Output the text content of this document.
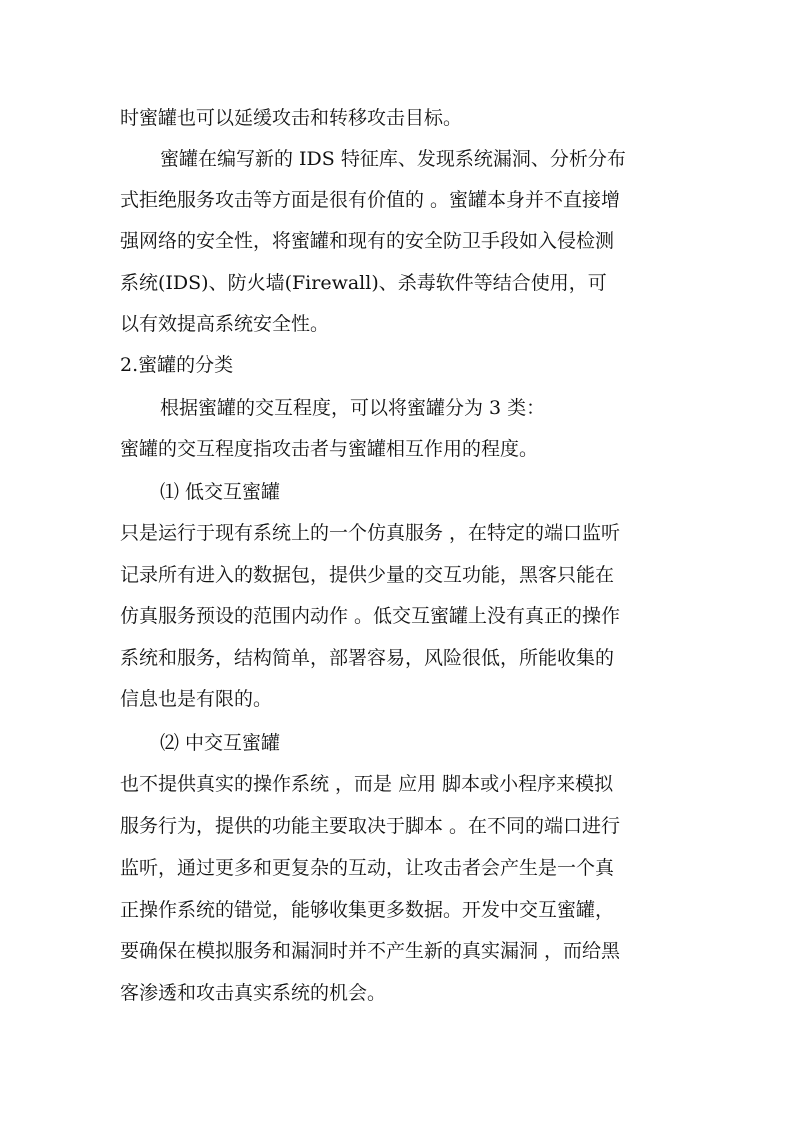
时蜜罐也可以延缓攻击和转移攻击目标。
蜜罐在编写新的 IDS 特征库、发现系统漏洞、分析分布
式拒绝服务攻击等方面是很有价值的 。蜜罐本身并不直接增
强网络的安全性，将蜜罐和现有的安全防卫手段如入侵检测
系统(IDS)、防火墙(Firewall)、杀毒软件等结合使用，可
以有效提高系统安全性。
2.蜜罐的分类
根据蜜罐的交互程度，可以将蜜罐分为 3 类：
蜜罐的交互程度指攻击者与蜜罐相互作用的程度。
⑴ 低交互蜜罐
只是运行于现有系统上的一个仿真服务 ，在特定的端口监听
记录所有进入的数据包，提供少量的交互功能，黑客只能在
仿真服务预设的范围内动作 。低交互蜜罐上没有真正的操作
系统和服务，结构简单，部署容易，风险很低，所能收集的
信息也是有限的。
⑵ 中交互蜜罐
也不提供真实的操作系统 ，而是 应用 脚本或小程序来模拟
服务行为，提供的功能主要取决于脚本 。在不同的端口进行
监听，通过更多和更复杂的互动，让攻击者会产生是一个真
正操作系统的错觉，能够收集更多数据。开发中交互蜜罐，
要确保在模拟服务和漏洞时并不产生新的真实漏洞 ，而给黑
客渗透和攻击真实系统的机会。
